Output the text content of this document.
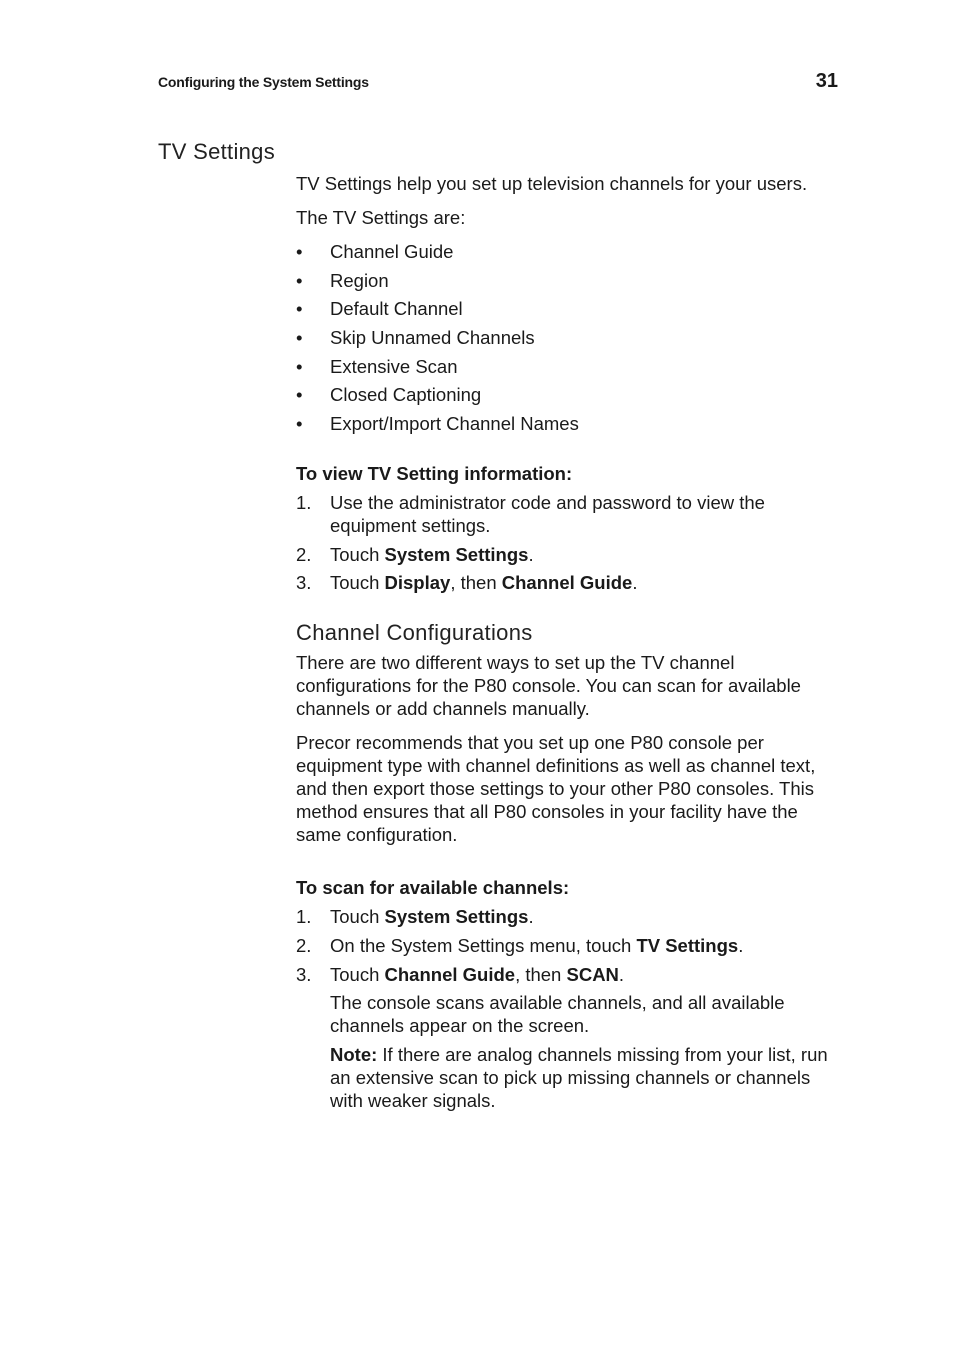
Configuring the System Settings	31
TV Settings

TV Settings help you set up television channels for your users.

The TV Settings are:

• Channel Guide
• Region
• Default Channel
• Skip Unnamed Channels
• Extensive Scan
• Closed Captioning
• Export/Import Channel Names
To view TV Setting information:
1. Use the administrator code and password to view the equipment settings.
2. Touch System Settings.
3. Touch Display, then Channel Guide.
Channel Configurations

There are two different ways to set up the TV channel configurations for the P80 console. You can scan for available channels or add channels manually.

Precor recommends that you set up one P80 console per equipment type with channel definitions as well as channel text, and then export those settings to your other P80 consoles. This method ensures that all P80 consoles in your facility have the same configuration.

To scan for available channels:
1. Touch System Settings.
2. On the System Settings menu, touch TV Settings.
3. Touch Channel Guide, then SCAN.
The console scans available channels, and all available channels appear on the screen.
Note: If there are analog channels missing from your list, run an extensive scan to pick up missing channels or channels with weaker signals.
